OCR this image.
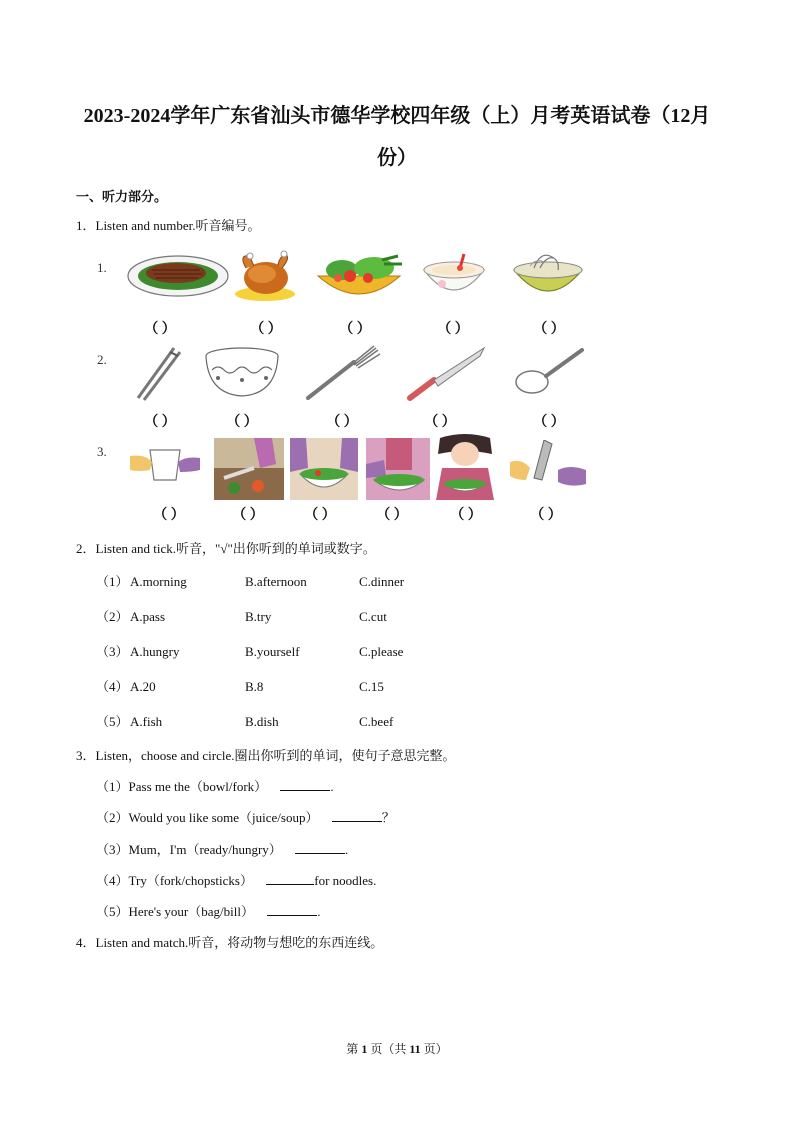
2023-2024学年广东省汕头市德华学校四年级（上）月考英语试卷（12月
份）
一、听力部分。
1．Listen and number.听音编号。
1.
（ ）	（ ）	（ ）	（ ）	（ ）
2.
（ ）	（ ）	（ ）	（ ）	（ ）
3.
（ ）	（ ）	（ ）	（ ）	（ ）	（ ）
2．Listen and tick.听音，"√"出你听到的单词或数字。
（1） A.morning	B.afternoon	C.dinner
（2） A.pass	B.try	C.cut
（3） A.hungry	B.yourself	C.please
（4） A.20	B.8	C.15
（5） A.fish	B.dish	C.beef
3．Listen，choose and circle.圈出你听到的单词，使句子意思完整。
（1）Pass me the（bowl/fork）	.
（2）Would you like some（juice/soup）	？
（3）Mum，I'm（ready/hungry）	.
（4）Try（fork/chopsticks）	for noodles.
（5）Here's your（bag/bill）	.
4．Listen and match.听音，将动物与想吃的东西连线。
第 1 页（共 11 页）
